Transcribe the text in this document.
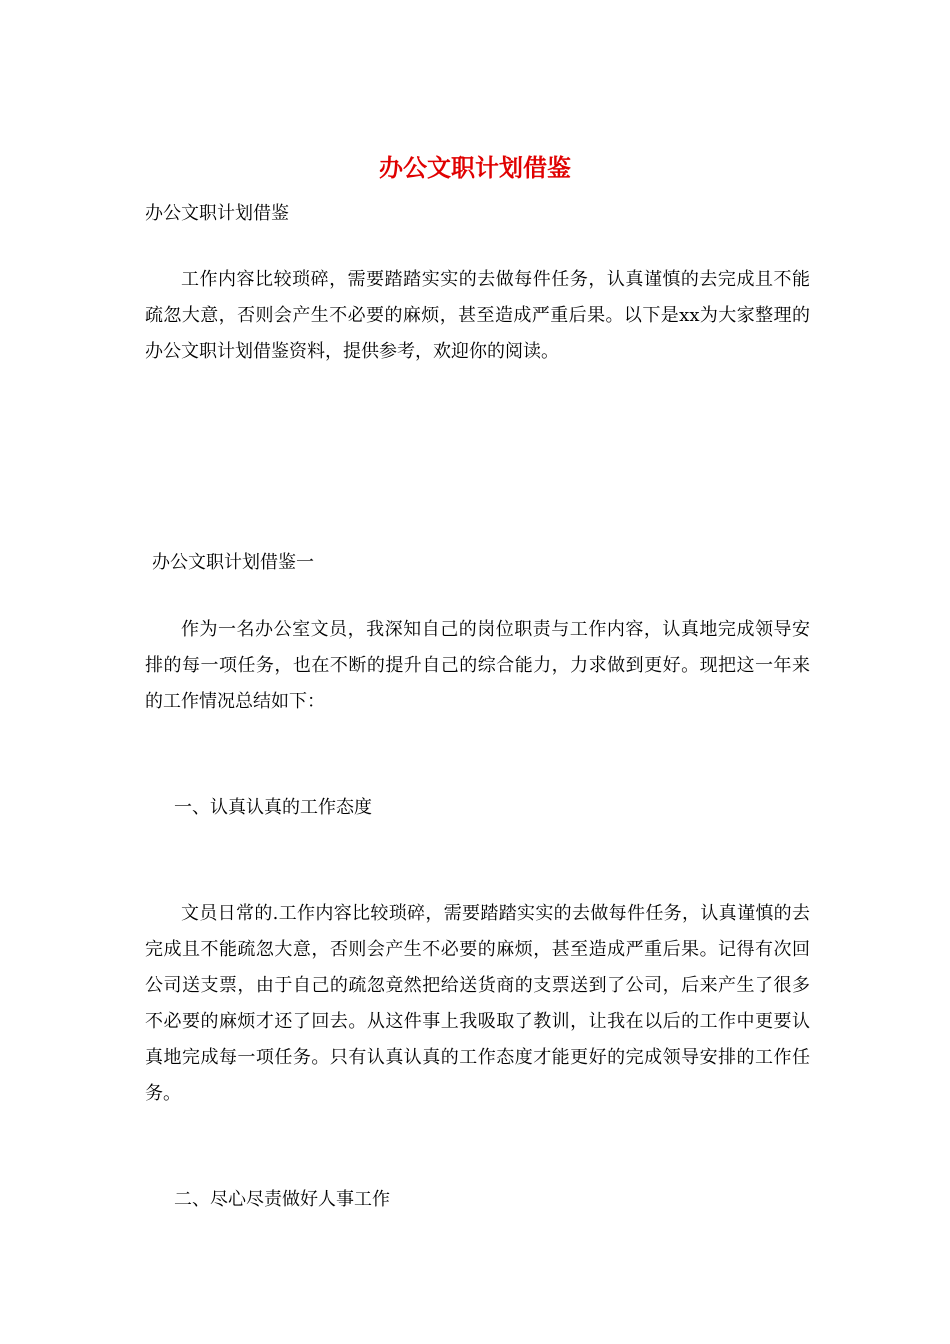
办公文职计划借鉴
办公文职计划借鉴
工作内容比较琐碎，需要踏踏实实的去做每件任务，认真谨慎的去完成且不能疏忽大意，否则会产生不必要的麻烦，甚至造成严重后果。以下是xx为大家整理的办公文职计划借鉴资料，提供参考，欢迎你的阅读。
办公文职计划借鉴一
作为一名办公室文员，我深知自己的岗位职责与工作内容，认真地完成领导安排的每一项任务，也在不断的提升自己的综合能力，力求做到更好。现把这一年来的工作情况总结如下：
一、认真认真的工作态度
文员日常的.工作内容比较琐碎，需要踏踏实实的去做每件任务，认真谨慎的去完成且不能疏忽大意，否则会产生不必要的麻烦，甚至造成严重后果。记得有次回公司送支票，由于自己的疏忽竟然把给送货商的支票送到了公司，后来产生了很多不必要的麻烦才还了回去。从这件事上我吸取了教训，让我在以后的工作中更要认真地完成每一项任务。只有认真认真的工作态度才能更好的完成领导安排的工作任务。
二、尽心尽责做好人事工作
